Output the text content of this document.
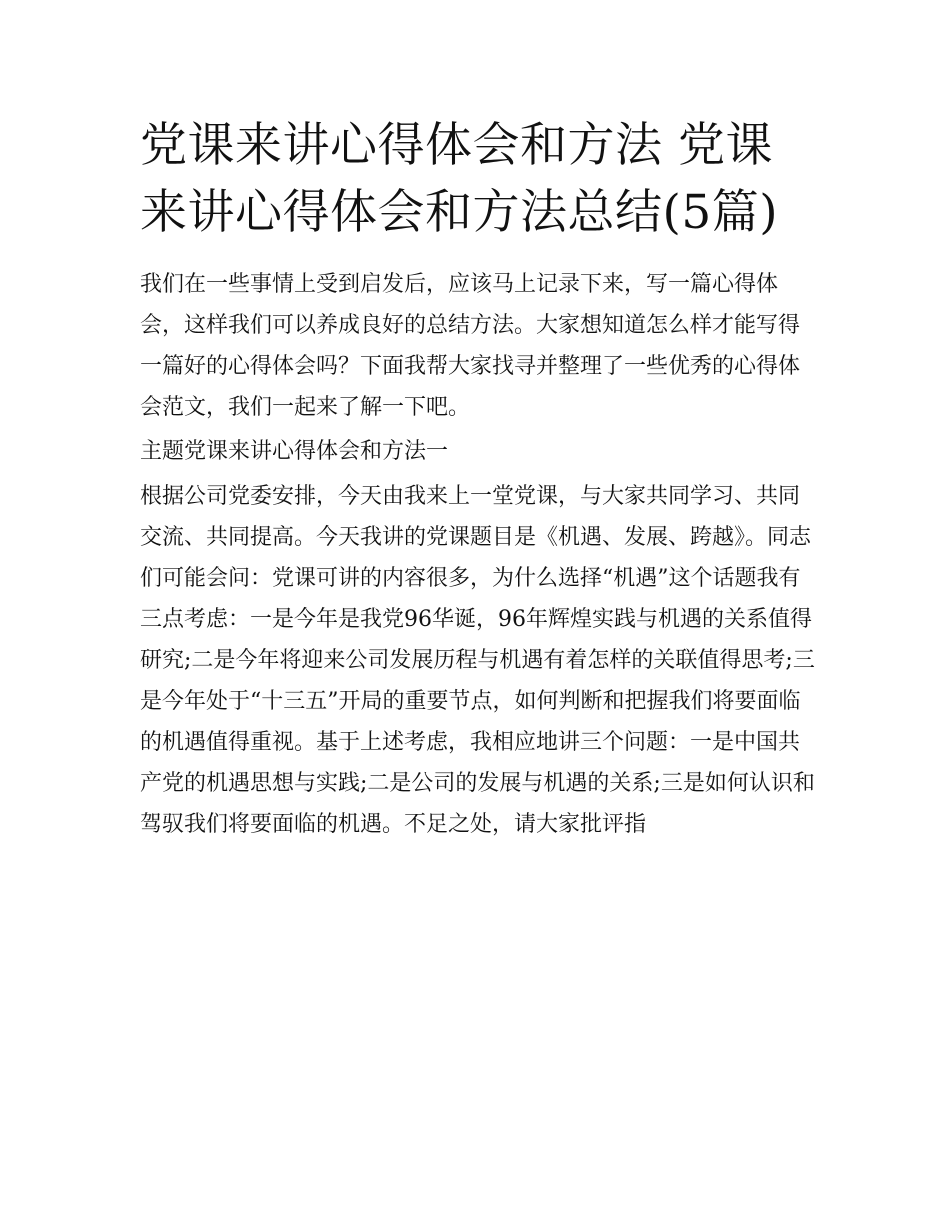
党课来讲心得体会和方法 党课来讲心得体会和方法总结(5篇)

我们在一些事情上受到启发后，应该马上记录下来，写一篇心得体会，这样我们可以养成良好的总结方法。大家想知道怎么样才能写得一篇好的心得体会吗？下面我帮大家找寻并整理了一些优秀的心得体会范文，我们一起来了解一下吧。

主题党课来讲心得体会和方法一

根据公司党委安排，今天由我来上一堂党课，与大家共同学习、共同交流、共同提高。今天我讲的党课题目是《机遇、发展、跨越》。同志们可能会问：党课可讲的内容很多，为什么选择“机遇”这个话题我有三点考虑：一是今年是我党96华诞，96年辉煌实践与机遇的关系值得研究;二是今年将迎来公司发展历程与机遇有着怎样的关联值得思考;三是今年处于“十三五”开局的重要节点，如何判断和把握我们将要面临的机遇值得重视。基于上述考虑，我相应地讲三个问题：一是中国共产党的机遇思想与实践;二是公司的发展与机遇的关系;三是如何认识和驾驭我们将要面临的机遇。不足之处，请大家批评指
